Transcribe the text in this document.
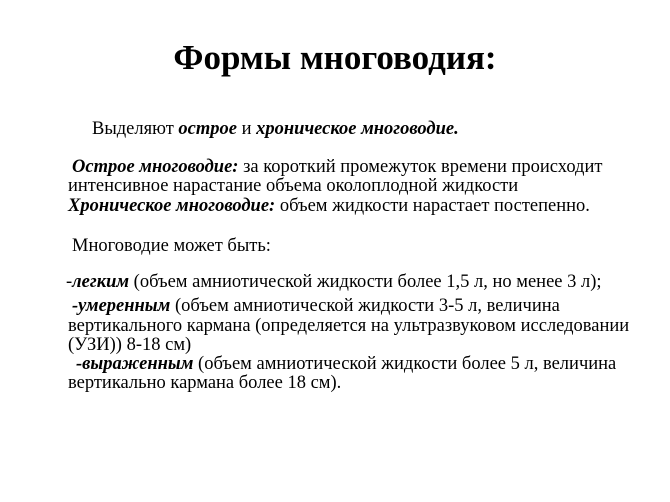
Формы многоводия:
Выделяют острое и хроническое многоводие.
Острое многоводие: за короткий промежуток времени происходит
интенсивное нарастание объема околоплодной жидкости
Хроническое многоводие: объем жидкости нарастает постепенно.
Многоводие может быть:
-легким (объем амниотической жидкости более 1,5 л, но менее 3 л);
-умеренным (объем амниотической жидкости 3-5 л, величина
вертикального кармана (определяется на ультразвуковом исследовании
(УЗИ)) 8-18 см)
-выраженным (объем амниотической жидкости более 5 л, величина
вертикально кармана более 18 см).
